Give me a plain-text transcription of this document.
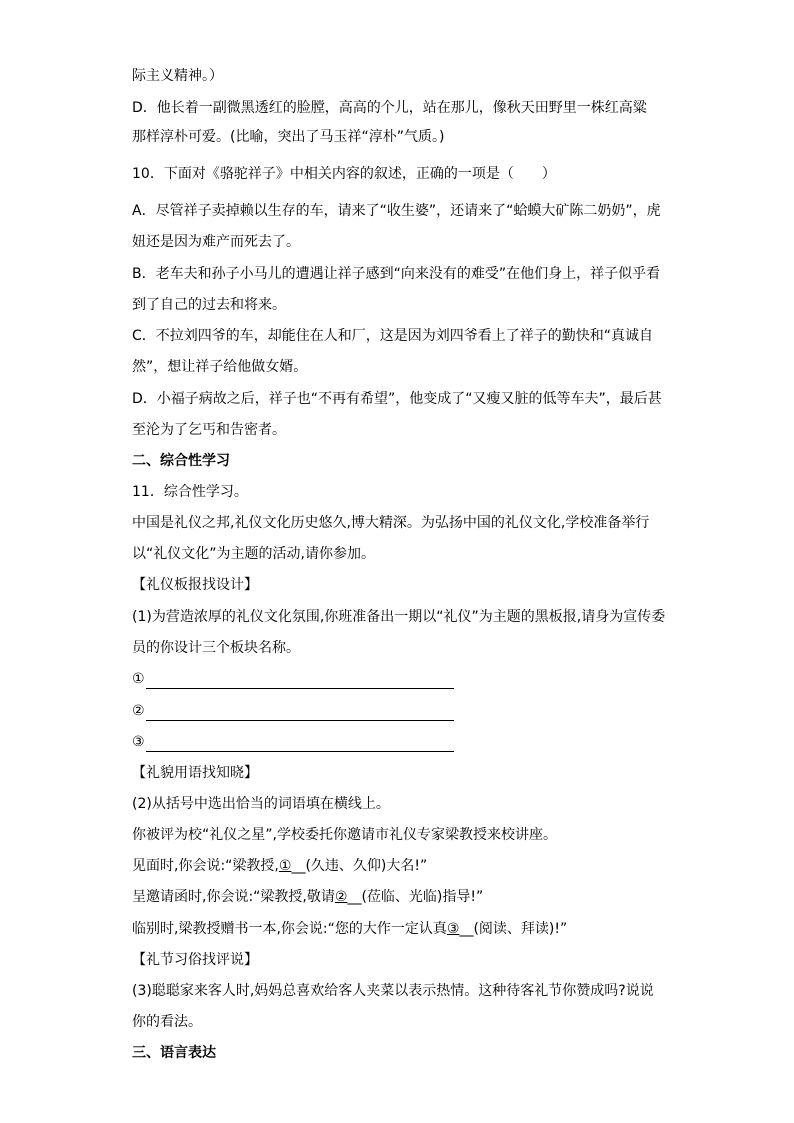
际主义精神。）
D．他长着一副微黑透红的脸膛，高高的个儿，站在那儿，像秋天田野里一株红高粱
那样淳朴可爱。(比喻，突出了马玉祥“淳朴”气质。)
10．下面对《骆驼祥子》中相关内容的叙述，正确的一项是（　　）
A．尽管祥子卖掉赖以生存的车，请来了“收生婆”，还请来了“蛤蟆大矿陈二奶奶”，虎
妞还是因为难产而死去了。
B．老车夫和孙子小马儿的遭遇让祥子感到“向来没有的难受”在他们身上，祥子似乎看
到了自己的过去和将来。
C．不拉刘四爷的车，却能住在人和厂，这是因为刘四爷看上了祥子的勤快和“真诚自
然”，想让祥子给他做女婿。
D．小福子病故之后，祥子也“不再有希望”，他变成了“又瘦又脏的低等车夫”，最后甚
至沦为了乞丐和告密者。
二、综合性学习
11．综合性学习。
中国是礼仪之邦,礼仪文化历史悠久,博大精深。为弘扬中国的礼仪文化,学校准备举行
以“礼仪文化”为主题的活动,请你参加。
【礼仪板报找设计】
(1)为营造浓厚的礼仪文化氛围,你班准备出一期以“礼仪”为主题的黑板报,请身为宣传委
员的你设计三个板块名称。
①
②
③
【礼貌用语找知晓】
(2)从括号中选出恰当的词语填在横线上。
你被评为校“礼仪之星”,学校委托你邀请市礼仪专家梁教授来校讲座。
见面时,你会说:“梁教授,①__(久违、久仰)大名!”
呈邀请函时,你会说:“梁教授,敬请②__(莅临、光临)指导!”
临别时,梁教授赠书一本,你会说:“您的大作一定认真③__(阅读、拜读)!”
【礼节习俗找评说】
(3)聪聪家来客人时,妈妈总喜欢给客人夹菜以表示热情。这种待客礼节你赞成吗?说说
你的看法。
三、语言表达
